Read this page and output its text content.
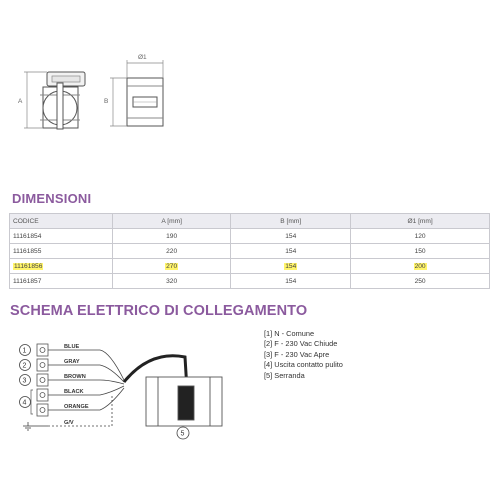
A
Ø1
B
DIMENSIONI
CODICE	A [mm]	B [mm]	Ø1 [mm]
11161854	190	154	120
11161855	220	154	150
11161856	270	154	200
11161857	320	154	250
SCHEMA ELETTRICO DI COLLEGAMENTO
1
2
3
4
BLUE
GRAY
BROWN
BLACK
ORANGE
G/V
5
[1] N - Comune
[2] F - 230 Vac Chiude
[3] F - 230 Vac Apre
[4] Uscita contatto pulito
[5] Serranda
